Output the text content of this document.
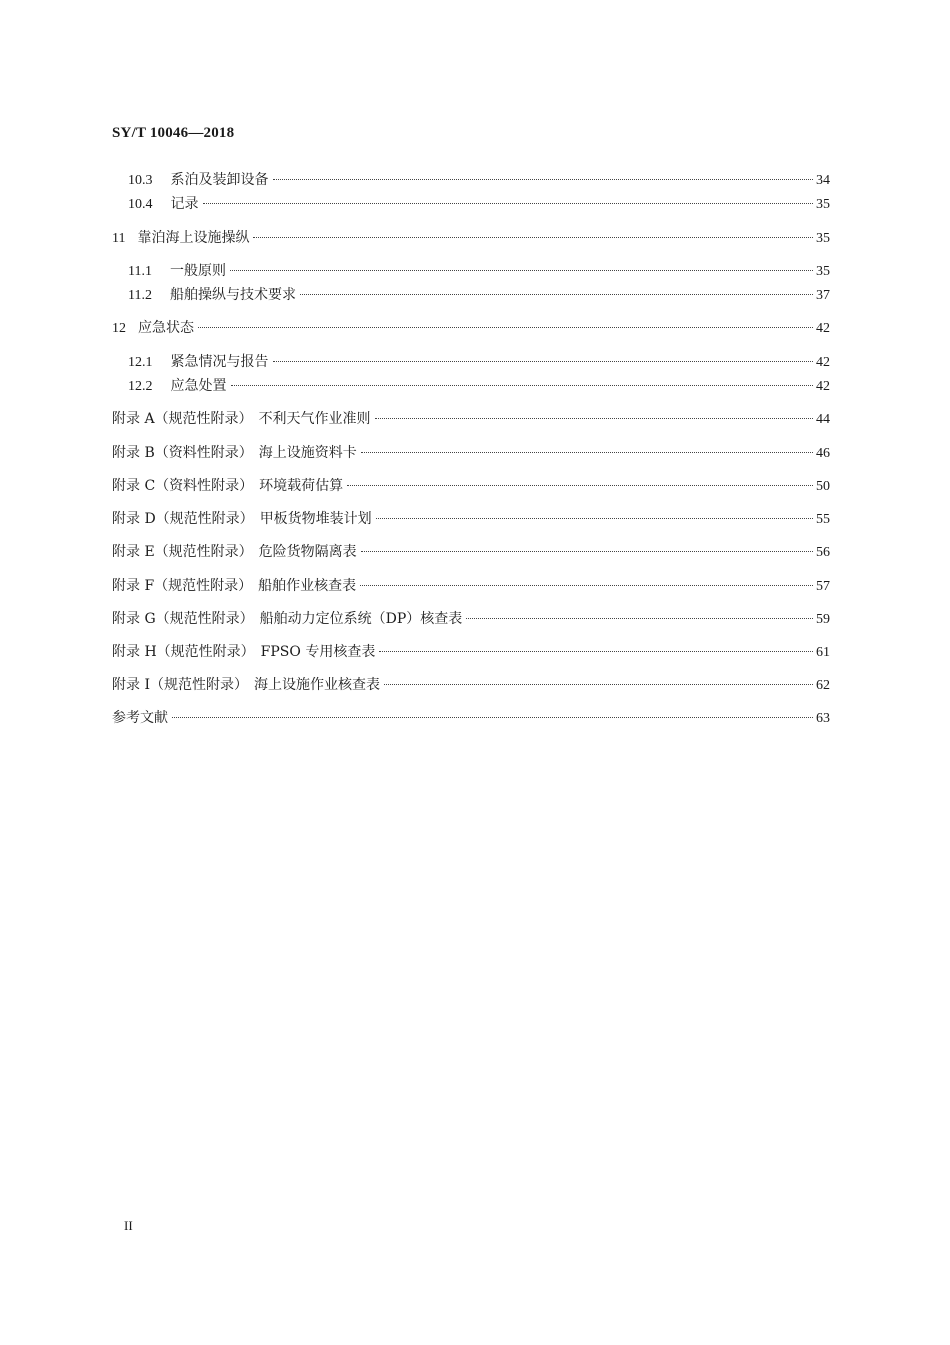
SY/T 10046—2018
10.3 系泊及装卸设备	34
10.4 记录	35
11 靠泊海上设施操纵	35
11.1 一般原则	35
11.2 船舶操纵与技术要求	37
12 应急状态	42
12.1 紧急情况与报告	42
12.2 应急处置	42
附录 A（规范性附录） 不利天气作业准则	44
附录 B（资料性附录） 海上设施资料卡	46
附录 C（资料性附录） 环境载荷估算	50
附录 D（规范性附录） 甲板货物堆装计划	55
附录 E（规范性附录） 危险货物隔离表	56
附录 F（规范性附录） 船舶作业核查表	57
附录 G（规范性附录） 船舶动力定位系统（DP）核查表	59
附录 H（规范性附录） FPSO 专用核查表	61
附录 I（规范性附录） 海上设施作业核查表	62
参考文献	63
II
